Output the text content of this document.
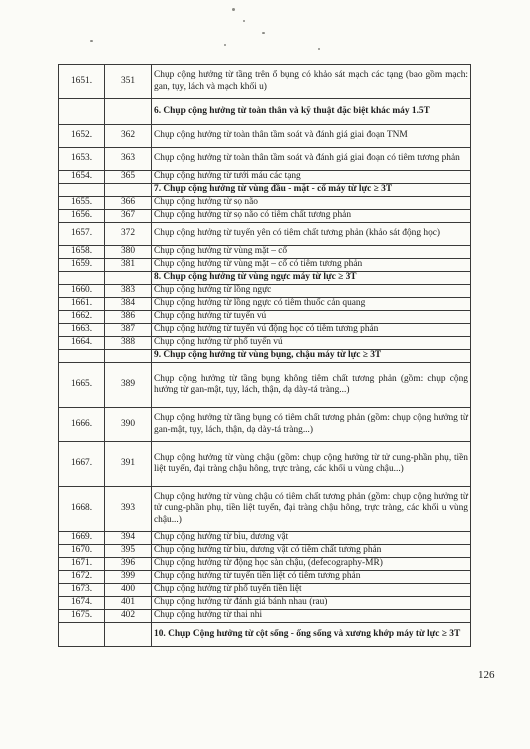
1651.	351	Chụp cộng hưởng từ tầng trên ổ bụng có khảo sát mạch các tạng (bao gồm mạch: gan, tụy, lách và mạch khối u)
		6. Chụp cộng hưởng từ toàn thân và kỹ thuật đặc biệt khác máy 1.5T
1652.	362	Chụp cộng hưởng từ toàn thân tầm soát và đánh giá giai đoạn TNM
1653.	363	Chụp cộng hưởng từ toàn thân tầm soát và đánh giá giai đoạn có tiêm tương phản
1654.	365	Chụp cộng hưởng từ tưới máu các tạng
		7. Chụp cộng hưởng từ vùng đầu - mặt - cổ máy từ lực ≥ 3T
1655.	366	Chụp cộng hưởng từ sọ não
1656.	367	Chụp cộng hưởng từ sọ não có tiêm chất tương phản
1657.	372	Chụp cộng hưởng từ tuyến yên có tiêm chất tương phản (khảo sát động học)
1658.	380	Chụp cộng hưởng từ vùng mặt – cổ
1659.	381	Chụp cộng hưởng từ vùng mặt – cổ có tiêm tương phản
		8. Chụp cộng hưởng từ vùng ngực máy từ lực ≥ 3T
1660.	383	Chụp cộng hưởng từ lồng ngực
1661.	384	Chụp cộng hưởng từ lồng ngực có tiêm thuốc cản quang
1662.	386	Chụp cộng hưởng từ tuyến vú
1663.	387	Chụp cộng hưởng từ tuyến vú động học có tiêm tương phản
1664.	388	Chụp cộng hưởng từ phổ tuyến vú
		9. Chụp cộng hưởng từ vùng bụng, chậu máy từ lực ≥ 3T
1665.	389	Chụp cộng hưởng từ tầng bụng không tiêm chất tương phản (gồm: chụp cộng hưởng từ gan-mật, tụy, lách, thận, dạ dày-tá tràng...)
1666.	390	Chụp cộng hưởng từ tầng bụng có tiêm chất tương phản (gồm: chụp cộng hưởng từ gan-mật, tụy, lách, thận, dạ dày-tá tràng...)
1667.	391	Chụp cộng hưởng từ vùng chậu (gồm: chụp cộng hưởng từ tử cung-phần phụ, tiền liệt tuyến, đại tràng chậu hông, trực tràng, các khối u vùng chậu...)
1668.	393	Chụp cộng hưởng từ vùng chậu có tiêm chất tương phản (gồm: chụp cộng hưởng từ tử cung-phần phụ, tiền liệt tuyến, đại tràng chậu hông, trực tràng, các khối u vùng chậu...)
1669.	394	Chụp cộng hưởng từ bìu, dương vật
1670.	395	Chụp cộng hưởng từ bìu, dương vật có tiêm chất tương phản
1671.	396	Chụp cộng hưởng từ động học sàn chậu, (defecography-MR)
1672.	399	Chụp cộng hưởng từ tuyến tiền liệt có tiêm tương phản
1673.	400	Chụp cộng hưởng từ phổ tuyến tiền liệt
1674.	401	Chụp cộng hưởng từ đánh giá bánh nhau (rau)
1675.	402	Chụp cộng hưởng từ thai nhi
		10. Chụp Cộng hưởng từ cột sống - ống sống và xương khớp máy từ lực ≥ 3T
126
